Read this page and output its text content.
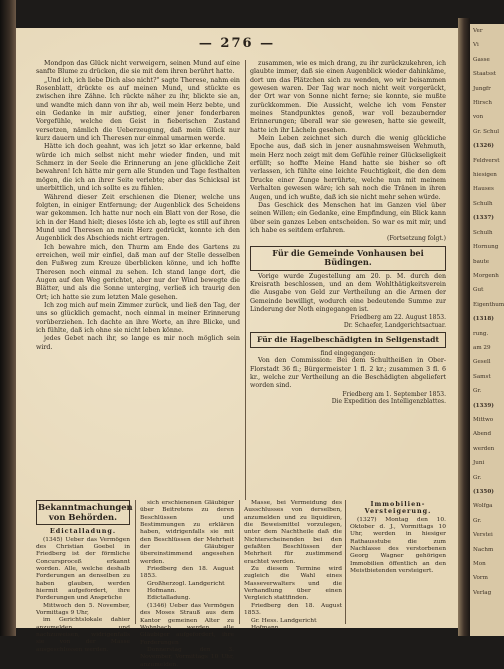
— 276 —

Mondpon das Glück nicht verweigern, seinen Mund auf eine sanfte Blume zu drücken, die sie mit dem ihren berührt hatte.

„Und ich, ich liebe Dich also nicht?" sagte Therese, nahm ein Rosenblatt, drückte es auf meinen Mund, und stückte es zwischen ihre Zähne. Ich rückte näher zu ihr, blickte sie an, und wandte mich dann von ihr ab, weil mein Herz bebte, und ein Gedanke in mir aufstieg, einer jener fonderbaren Vorgefühle, welche den Geist in fieberischen Zustand versetzen, nämlich die Ueberzeugung, daß mein Glück nur kurz dauern und ich Theresen nur einmal umarmen werde.

Hätte ich doch geahnt, was ich jetzt so klar erkenne, bald würde ich mich selbst nicht mehr wieder finden, und mit Schmerz in der Seele die Erinnerung an jene glückliche Zeit bewahren! Ich hätte mir gern alle Stunden und Tage festhalten mögen, die ich an ihrer Seite verlebte; aber das Schicksal ist unerbittlich, und ich sollte es zu fühlen.

Während dieser Zeit erschienen die Diener, welche uns folgten, in einiger Entfernung; der Augenblick des Scheidens war gekommen. Ich hatte nur noch ein Blatt von der Rose, die ich in der Hand hielt; dieses löste ich ab, legte es still auf ihren Mund und Theresen an mein Herz gedrückt, konnte ich den Augenblick des Abschieds nicht ertragen.

Ich bewahre mich, den Thurm am Ende des Gartens zu erreichen, weil mir einfiel, daß man auf der Stelle desselben den Fußweg zum Kreuze überblicken könne, und ich hoffte Theresen noch einmal zu sehen. Ich stand lange dort, die Augen auf den Weg gerichtet, aber nur der Wind bewegte die Blätter, und als die Sonne unterging, verließ ich traurig den Ort; ich hatte sie zum letzten Male gesehen.

Ich zog mich auf mein Zimmer zurück, und ließ den Tag, der uns so glücklich gemacht, noch einmal in meiner Erinnerung vorüberziehen. Ich dachte an ihre Worte, an ihre Blicke, und ich fühlte, daß ich ohne sie nicht leben könne.

jedes Gebet nach ihr, so lange es mir noch möglich sein wird.

zusammen, wie es mich drang, zu ihr zurückzukehren, ich glaubte immer, daß sie einen Augenblick wieder dahinkäme, dort um das Plätzchen sich zu wenden, wo wir beisammen gewesen waren. Der Tag war noch nicht weit vorgerückt, der Ort war von Sonne nicht ferne; sie konnte, sie mußte zurückkommen. Die Aussicht, welche ich vom Fenster meines Standpunktes genoß, war voll bezaubernder Erinnerungen; überall war sie gewesen, hatte sie geweilt, hatte ich ihr Lächeln gesehen.

Mein Leben zeichnet sich durch die wenig glückliche Epoche aus, daß sich in jener ausnahmsweisen Wehmuth, mein Herz noch zeigt mit dem Gefühle reiner Glückseligkeit erfüllt; so hoffte Meine Hand hatte sie bisher so oft verlassen, ich fühlte eine leichte Feuchtigkeit, die den dem Drucke einer Zunge herrührte, welche nun mit meinem Verhalten gewesen wäre; ich sah noch die Tränen in ihren Augen, und ich wußte, daß ich sie nicht mehr sehen würde.

Das Geschick des Menschen hat im Ganzen viel über seinen Willen; ein Gedanke, eine Empfindung, ein Blick kann über sein ganzes Leben entscheiden. So war es mit mir, und ich habe es seitdem erfahren.

(Fortsetzung folgt.)
Für die Gemeinde Vonhausen bei Büdingen.

Vorige wurde Zugestellung am 20. p. M. durch den Kreisrath beschlossen, und an dem Wohlthätigkeitsverein die Ausgabe von Geld zur Vertheilung an die Armen der Gemeinde bewilligt, wodurch eine bedeutende Summe zur Linderung der Noth eingegangen ist.

Friedberg am 22. August 1853.
Dr. Schaefer, Landgerichtsactuar.
Für die Hagelbeschädigten in Seligenstadt
find eingegangen:

Von den Commission: Bei dem Schultheißen in Ober-Florstadt 36 fl.; Bürgermeister 1 fl. 2 kr.; zusammen 3 fl. 6 kr., welche zur Vertheilung an die Beschädigten abgeliefert worden sind.

Friedberg am 1. September 1853.
Die Expedition des Intelligenzblattes.
Bekanntmachungen von Behörden.
Edictalladung.

(1345) Ueber das Vermögen des Christian Goebel in Friedberg ist der förmliche Concursproceß erkannt worden. Alle, welche deshalb Forderungen an denselben zu haben glauben, werden hiermit aufgefordert, ihre Forderungen und Ansprüche

Mittwoch den 5. November, Vormittags 9 Uhr,

im Gerichtslokale dahier anzumelden und nachzuweisen, widrigenfalls sie von der Masse ausgeschlossen werden.

sich erschienenen Gläubiger über Beitretens zu deren Beschlüssen und Bestimmungen zu erklären haben, widrigenfalls sie mit den Beschlüssen der Mehrheit der Gläubiger übereinstimmend angesehen werden.

Friedberg den 18. August 1853.

Großherzogl. Landgericht

Hofmann.

Edictalladung.

(1346) Ueber das Vermögen des Moses Strauß aus dem Kantor gemeinen Alter zu Wohnbach, werden alle Gläubiger aufgefordert, ihre Forderungen

Donnerstag den 3. November, Vormittags 10 Uhr, anzumelden.

Masse, bei Vermeidung des Ausschlusses von derselben, anzumelden und zu liquidiren, die Beweismittel vorzulegen, unter dem Nachtheile daß die Nichterscheinenden bei den gefaßten Beschlüssen der Mehrheit für zustimmend erachtet werden.

Zu diesem Termine wird zugleich die Wahl eines Masseverwalters und die Verhandlung über einen Vergleich stattfinden.

Friedberg den 18. August 1853.

Gr. Hess. Landgericht

Hofmann.

Immobilien-Versteigerung.

(1327) Montag den 10. Oktober d. J., Vormittags 10 Uhr, werden in hiesiger Rathausstube die zum Nachlasse des verstorbenen Georg Wagner gehörigen Immobilien öffentlich an den Meistbietenden versteigert.

Ver
Vi
Gasse
Staatsst
Jungfr
Hirsch
von
Gr. Schul
(1326)
Feldverst
hiesigen
Hauses
Schulh
(1337)
Schulh
Hornung
baute
Morgenh
Gut
Eigenthum
(1318)
rung.
am 29
Gesell
Samst
Gr.
(1339)
Mittwo
Abend
werden
Juni
Gr.
(1350)
Wolfga
Gr.
Verstei
Nachm
Mon
Vorm
Verlag
